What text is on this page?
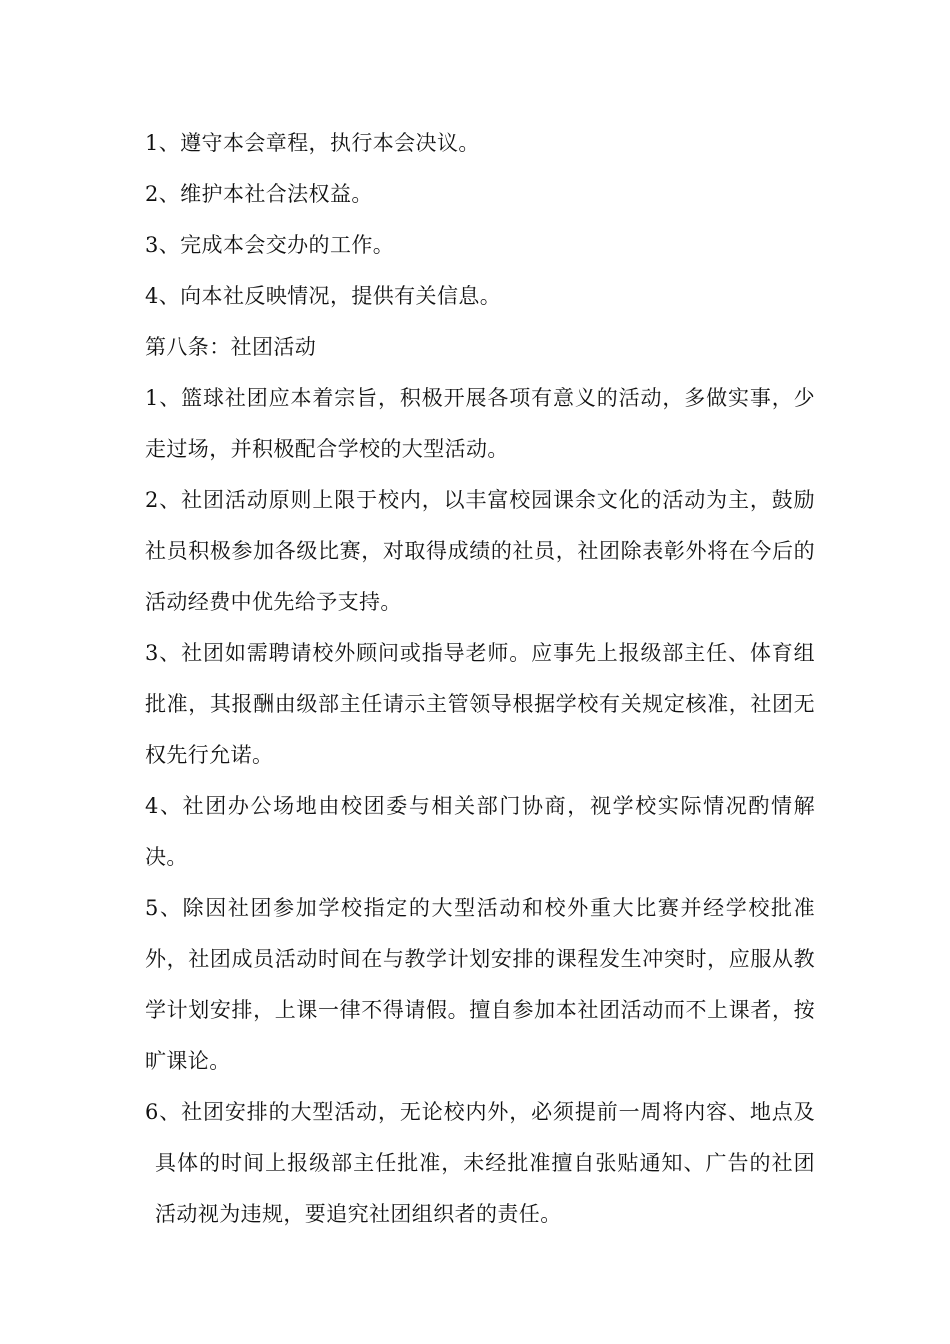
1、遵守本会章程，执行本会决议。

2、维护本社合法权益。

3、完成本会交办的工作。

4、向本社反映情况，提供有关信息。

第八条：社团活动

1、篮球社团应本着宗旨，积极开展各项有意义的活动，多做实事，少走过场，并积极配合学校的大型活动。

2、社团活动原则上限于校内，以丰富校园课余文化的活动为主，鼓励社员积极参加各级比赛，对取得成绩的社员，社团除表彰外将在今后的活动经费中优先给予支持。

3、社团如需聘请校外顾问或指导老师。应事先上报级部主任、体育组批准，其报酬由级部主任请示主管领导根据学校有关规定核准，社团无权先行允诺。

4、社团办公场地由校团委与相关部门协商，视学校实际情况酌情解决。

5、除因社团参加学校指定的大型活动和校外重大比赛并经学校批准外，社团成员活动时间在与教学计划安排的课程发生冲突时，应服从教学计划安排，上课一律不得请假。擅自参加本社团活动而不上课者，按旷课论。

6、社团安排的大型活动，无论校内外，必须提前一周将内容、地点及具体的时间上报级部主任批准，未经批准擅自张贴通知、广告的社团活动视为违规，要追究社团组织者的责任。
